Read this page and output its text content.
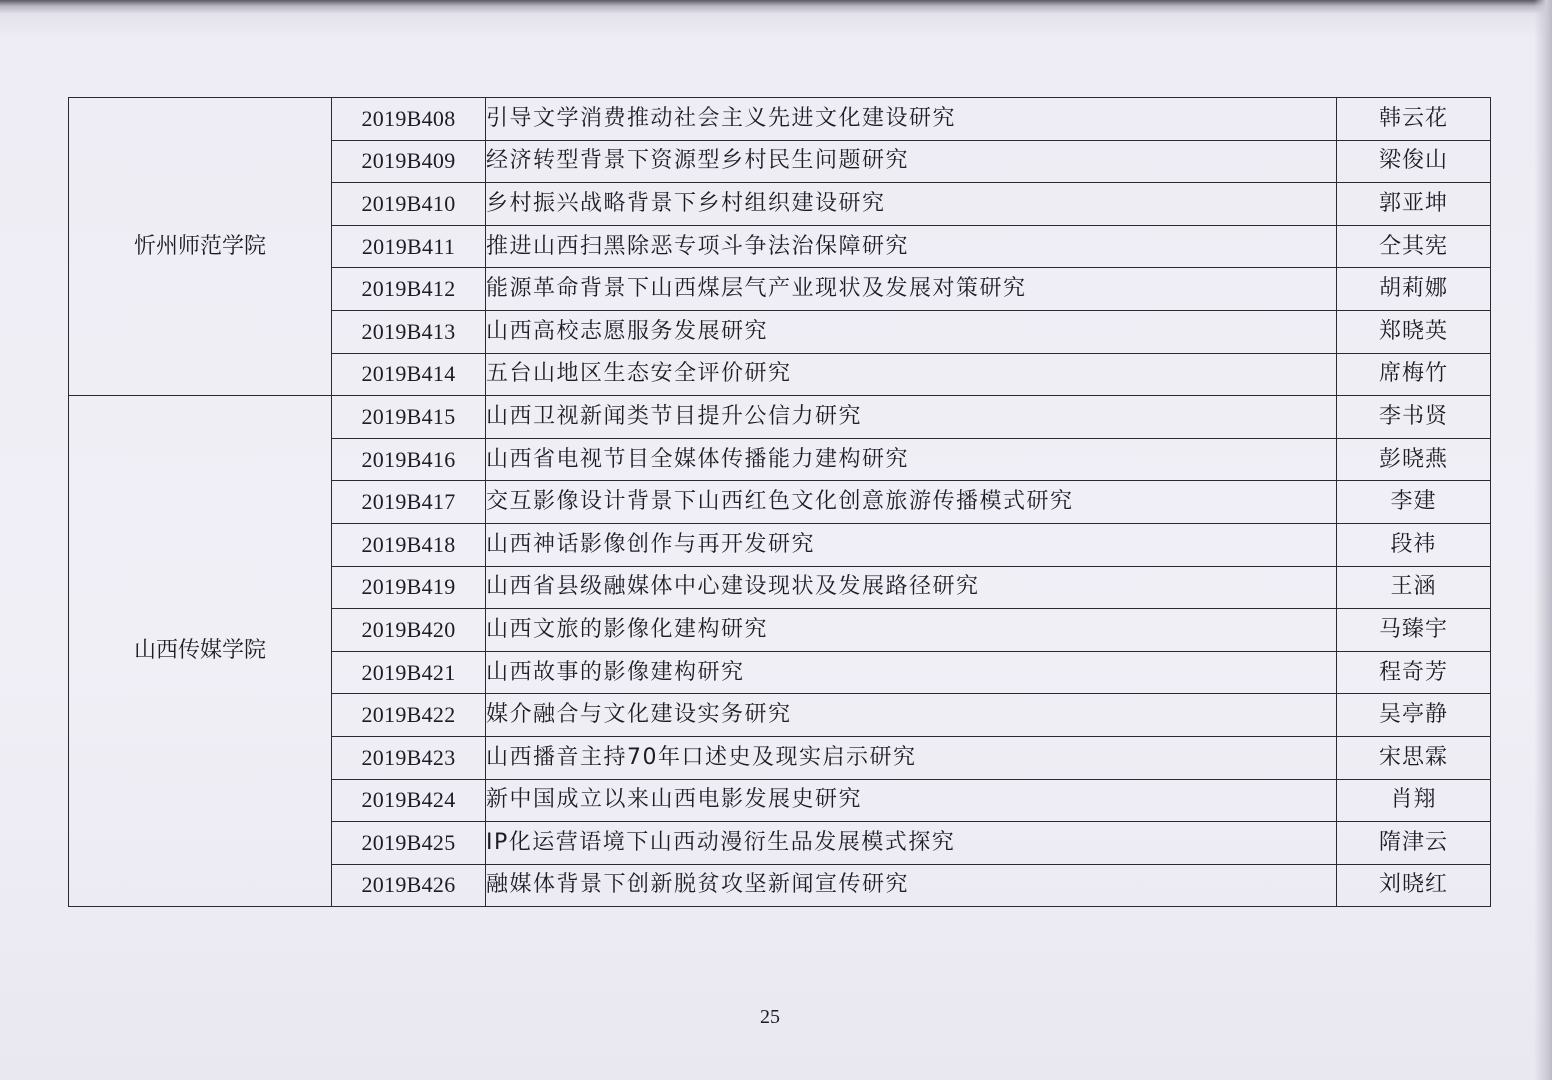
忻州师范学院	2019B408	引导文学消费推动社会主义先进文化建设研究	韩云花
	2019B409	经济转型背景下资源型乡村民生问题研究	梁俊山
	2019B410	乡村振兴战略背景下乡村组织建设研究	郭亚坤
	2019B411	推进山西扫黑除恶专项斗争法治保障研究	仝其宪
	2019B412	能源革命背景下山西煤层气产业现状及发展对策研究	胡莉娜
	2019B413	山西高校志愿服务发展研究	郑晓英
	2019B414	五台山地区生态安全评价研究	席梅竹
山西传媒学院	2019B415	山西卫视新闻类节目提升公信力研究	李书贤
	2019B416	山西省电视节目全媒体传播能力建构研究	彭晓燕
	2019B417	交互影像设计背景下山西红色文化创意旅游传播模式研究	李建
	2019B418	山西神话影像创作与再开发研究	段祎
	2019B419	山西省县级融媒体中心建设现状及发展路径研究	王涵
	2019B420	山西文旅的影像化建构研究	马臻宇
	2019B421	山西故事的影像建构研究	程奇芳
	2019B422	媒介融合与文化建设实务研究	吴亭静
	2019B423	山西播音主持70年口述史及现实启示研究	宋思霖
	2019B424	新中国成立以来山西电影发展史研究	肖翔
	2019B425	IP化运营语境下山西动漫衍生品发展模式探究	隋津云
	2019B426	融媒体背景下创新脱贫攻坚新闻宣传研究	刘晓红
25
